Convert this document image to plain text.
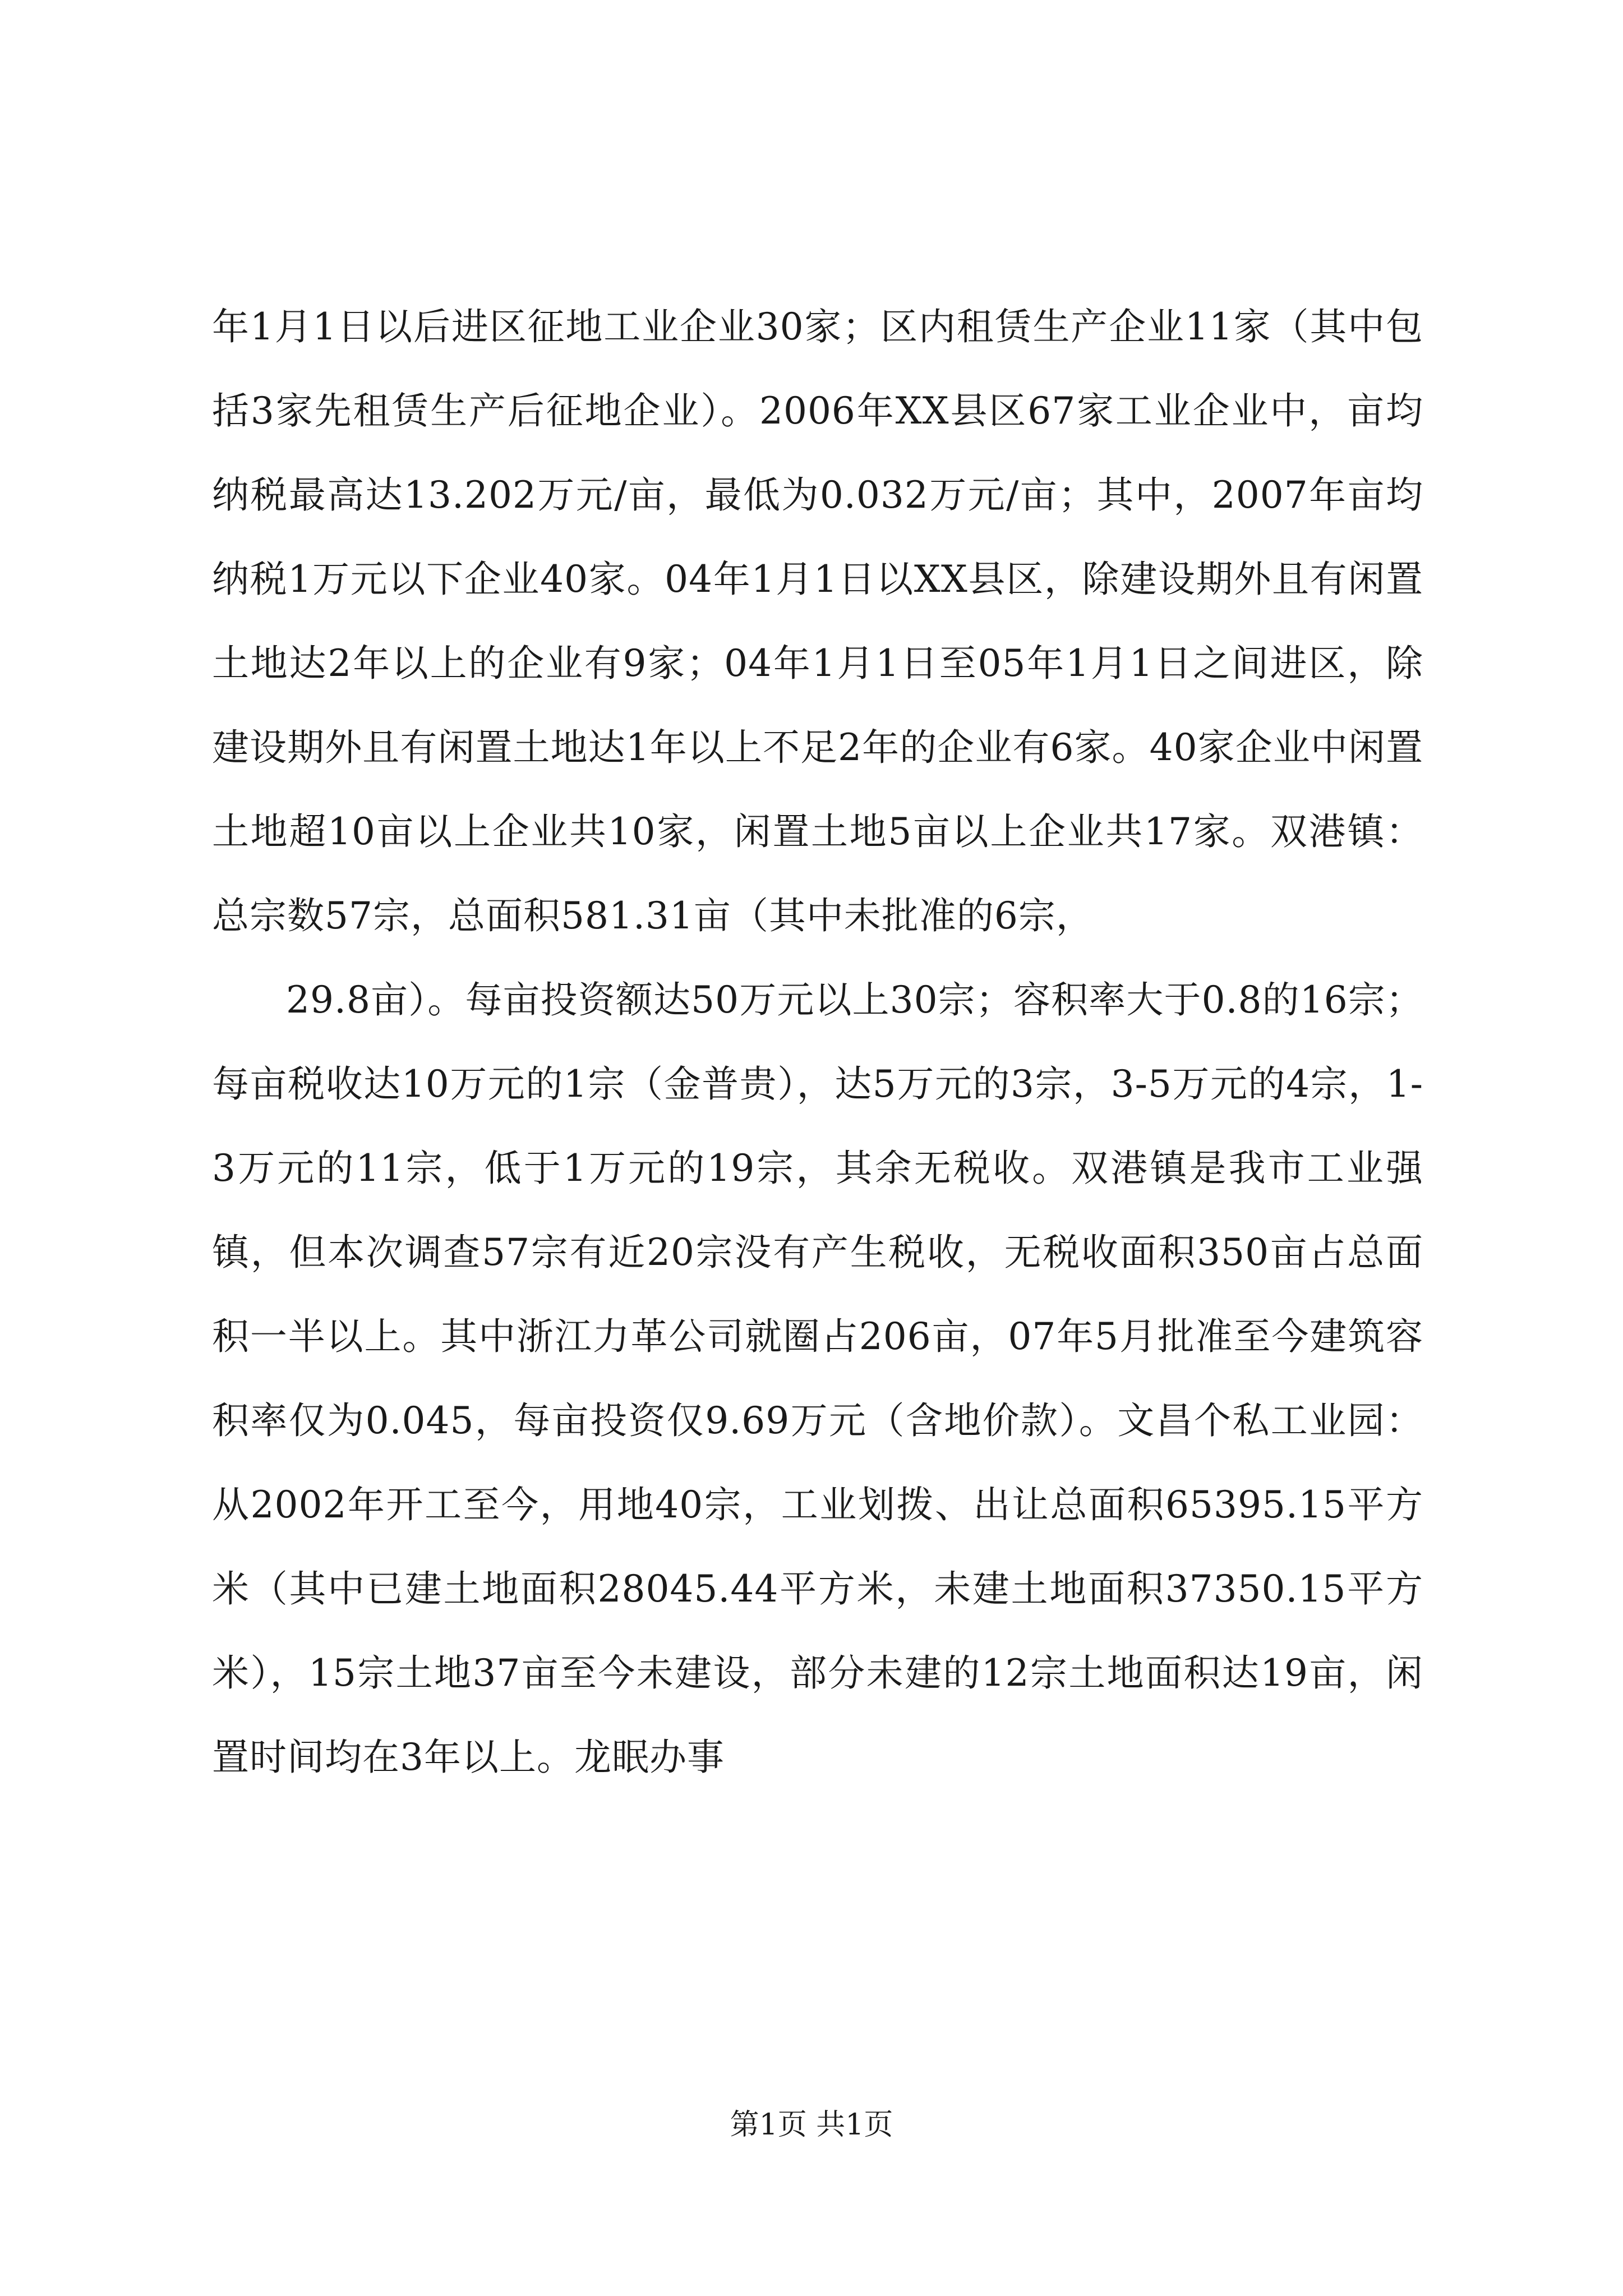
年1月1日以后进区征地工业企业30家；区内租赁生产企业11家（其中包括3家先租赁生产后征地企业）。2006年XX县区67家工业企业中，亩均纳税最高达13.202万元/亩，最低为0.032万元/亩；其中，2007年亩均纳税1万元以下企业40家。04年1月1日以XX县区，除建设期外且有闲置土地达2年以上的企业有9家；04年1月1日至05年1月1日之间进区，除建设期外且有闲置土地达1年以上不足2年的企业有6家。40家企业中闲置土地超10亩以上企业共10家，闲置土地5亩以上企业共17家。双港镇：总宗数57宗，总面积581.31亩（其中未批准的6宗，

29.8亩）。每亩投资额达50万元以上30宗；容积率大于0.8的16宗；每亩税收达10万元的1宗（金普贵），达5万元的3宗，3-5万元的4宗，1-3万元的11宗，低于1万元的19宗，其余无税收。双港镇是我市工业强镇，但本次调查57宗有近20宗没有产生税收，无税收面积350亩占总面积一半以上。其中浙江力革公司就圈占206亩，07年5月批准至今建筑容积率仅为0.045，每亩投资仅9.69万元（含地价款）。文昌个私工业园：从2002年开工至今，用地40宗，工业划拨、出让总面积65395.15平方米（其中已建土地面积28045.44平方米，未建土地面积37350.15平方米），15宗土地37亩至今未建设，部分未建的12宗土地面积达19亩，闲置时间均在3年以上。龙眠办事

第1页 共1页
